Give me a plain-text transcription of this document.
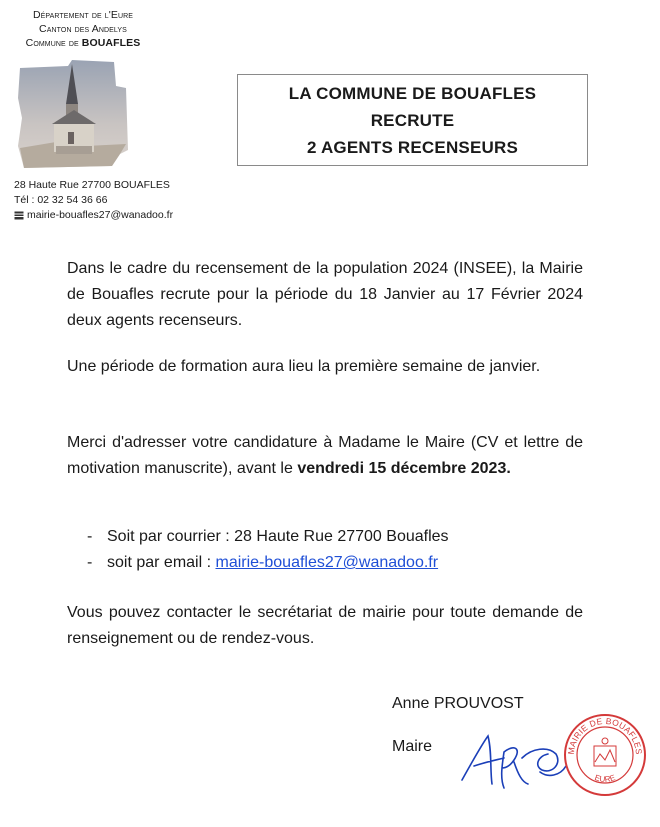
Département de l'Eure
Canton des Andelys
Commune de BOUAFLES
28 Haute Rue 27700 BOUAFLES
Tél : 02 32 54 36 66
mairie-bouafles27@wanadoo.fr
LA COMMUNE DE BOUAFLES
RECRUTE
2 AGENTS RECENSEURS
Dans le cadre du recensement de la population 2024 (INSEE), la Mairie de Bouafles recrute pour la période du 18 Janvier au 17 Février 2024 deux agents recenseurs.
Une période de formation aura lieu la première semaine de janvier.
Merci d'adresser votre candidature à Madame le Maire (CV et lettre de motivation manuscrite), avant le vendredi 15 décembre 2023.
- Soit par courrier : 28 Haute Rue 27700 Bouafles
- soit par email : mairie-bouafles27@wanadoo.fr
Vous pouvez contacter le secrétariat de mairie pour toute demande de renseignement ou de rendez-vous.
Anne PROUVOST
Maire	MAIRIE DE BOUAFLES
EURE
